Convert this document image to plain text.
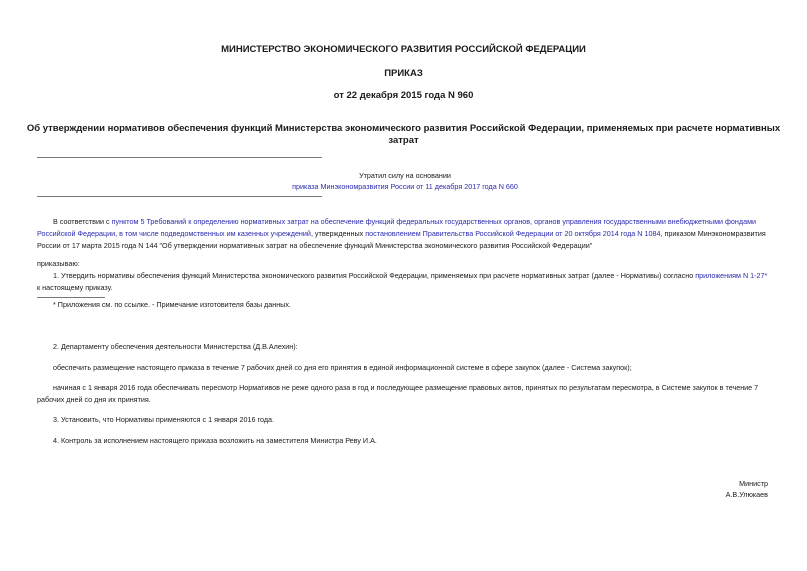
МИНИСТЕРСТВО ЭКОНОМИЧЕСКОГО РАЗВИТИЯ РОССИЙСКОЙ ФЕДЕРАЦИИ
ПРИКАЗ
от 22 декабря 2015 года N 960
Об утверждении нормативов обеспечения функций Министерства экономического развития Российской Федерации, применяемых при расчете нормативных
затрат
Утратил силу на основании
приказа Минэкономразвития России от 11 декабря 2017 года N 660
В соответствии с пунктом 5 Требований к определению нормативных затрат на обеспечение функций федеральных государственных органов, органов управления государственными внебюджетными фондами Российской Федерации, в том числе подведомственных им казенных учреждений, утвержденных постановлением Правительства Российской Федерации от 20 октября 2014 года N 1084, приказом Минэкономразвития России от 17 марта 2015 года N 144 "Об утверждении нормативных затрат на обеспечение функций Министерства экономического развития Российской Федерации"
приказываю:
1. Утвердить нормативы обеспечения функций Министерства экономического развития Российской Федерации, применяемых при расчете нормативных затрат (далее - Нормативы) согласно приложениям N 1-27* к настоящему приказу.
* Приложения см. по ссылке. - Примечание изготовителя базы данных.
2. Департаменту обеспечения деятельности Министерства (Д.В.Алехин):
обеспечить размещение настоящего приказа в течение 7 рабочих дней со дня его принятия в единой информационной системе в сфере закупок (далее - Система закупок);
начиная с 1 января 2016 года обеспечивать пересмотр Нормативов не реже одного раза в год и последующее размещение правовых актов, принятых по результатам пересмотра, в Системе закупок в течение 7 рабочих дней со дня их принятия.
3. Установить, что Нормативы применяются с 1 января 2016 года.
4. Контроль за исполнением настоящего приказа возложить на заместителя Министра Реву И.А.
Министр
А.В.Улюкаев
